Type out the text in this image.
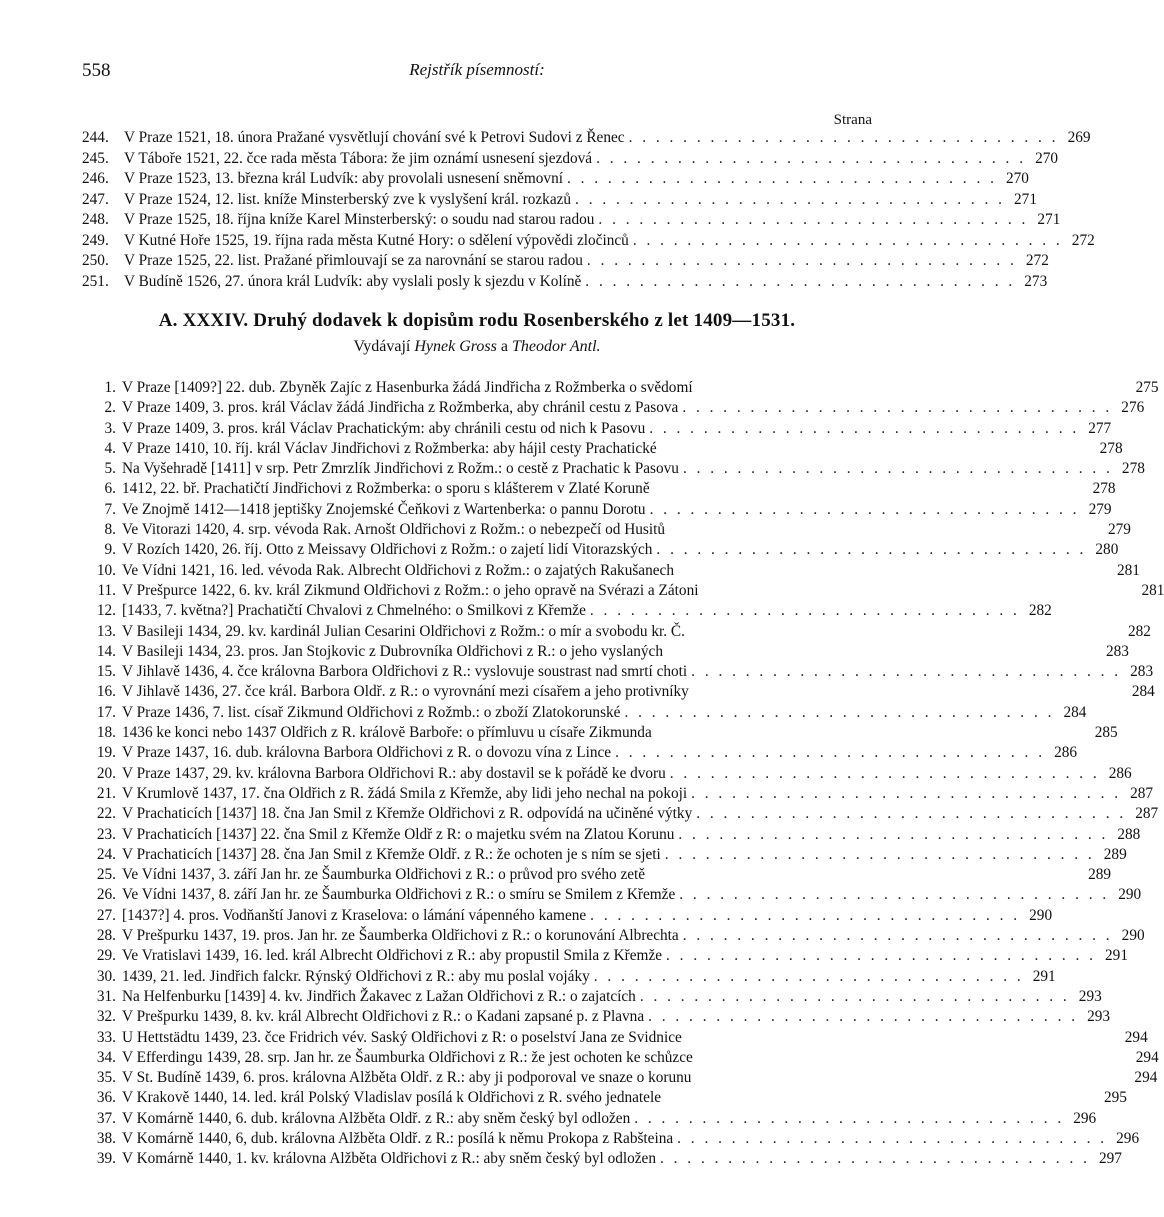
558	Rejstřík písemností:
Strana
244. V Praze 1521, 18. února Pražané vysvětlují chování své k Petrovi Sudovi z Řenec . . .	269
245. V Táboře 1521, 22. čce rada města Tábora: že jim oznámí usnesení sjezdová . . .	270
246. V Praze 1523, 13. března král Ludvík: aby provolali usnesení sněmovní . . .	270
247. V Praze 1524, 12. list. kníže Minsterberský zve k vyslyšení král. rozkazů . . .	271
248. V Praze 1525, 18. října kníže Karel Minsterberský: o soudu nad starou radou . . .	271
249. V Kutné Hoře 1525, 19. října rada města Kutné Hory: o sdělení výpovědi zločinců . . .	272
250. V Praze 1525, 22. list. Pražané přimlouvají se za narovnání se starou radou . . .	272
251. V Budíně 1526, 27. února král Ludvík: aby vyslali posly k sjezdu v Kolíně . . .	273
A. XXXIV. Druhý dodavek k dopisům rodu Rosenberského z let 1409—1531.
Vydávají Hynek Gross a Theodor Antl.
1. V Praze [1409?] 22. dub. Zbyněk Zajíc z Hasenburka žádá Jindřicha z Rožmberka o svědomí	275
2. V Praze 1409, 3. pros. král Václav žádá Jindřicha z Rožmberka, aby chránil cestu z Pasova . . .	276
3. V Praze 1409, 3. pros. král Václav Prachatickým: aby chránili cestu od nich k Pasovu . . .	277
4. V Praze 1410, 10. říj. král Václav Jindřichovi z Rožmberka: aby hájil cesty Prachatické	278
5. Na Vyšehradě [1411] v srp. Petr Zmrzlík Jindřichovi z Rožm.: o cestě z Prachatic k Pasovu . . .	278
6. 1412, 22. bř. Prachatičtí Jindřichovi z Rožmberka: o sporu s klášterem v Zlaté Koruně	278
7. Ve Znojmě 1412—1418 jeptišky Znojemské Čeňkovi z Wartenberka: o pannu Dorotu . . .	279
8. Ve Vitorazi 1420, 4. srp. vévoda Rak. Arnošt Oldřichovi z Rožm.: o nebezpečí od Husitů	279
9. V Rozích 1420, 26. říj. Otto z Meissavy Oldřichovi z Rožm.: o zajetí lidí Vitorazských . . .	280
10. Ve Vídni 1421, 16. led. vévoda Rak. Albrecht Oldřichovi z Rožm.: o zajatých Rakušanech	281
11. V Prešpurce 1422, 6. kv. král Zikmund Oldřichovi z Rožm.: o jeho opravě na Svérazi a Zátoni	281
12. [1433, 7. května?] Prachatičtí Chvalovi z Chmelného: o Smilkovi z Křemže . . .	282
13. V Basileji 1434, 29. kv. kardinál Julian Cesarini Oldřichovi z Rožm.: o mír a svobodu kr. Č.	282
14. V Basileji 1434, 23. pros. Jan Stojkovic z Dubrovníka Oldřichovi z R.: o jeho vyslaných	283
15. V Jihlavě 1436, 4. čce královna Barbora Oldřichovi z R.: vyslovuje soustrast nad smrtí choti . . .	283
16. V Jihlavě 1436, 27. čce král. Barbora Oldř. z R.: o vyrovnání mezi císařem a jeho protivníky	284
17. V Praze 1436, 7. list. císař Zikmund Oldřichovi z Rožmb.: o zboží Zlatokorunské . . .	284
18. 1436 ke konci nebo 1437 Oldřich z R. královĕ Barboře: o přímluvu u císaře Zikmunda	285
19. V Praze 1437, 16. dub. královna Barbora Oldřichovi z R. o dovozu vína z Lince . . .	286
20. V Praze 1437, 29. kv. královna Barbora Oldřichovi R.: aby dostavil se k pořádě ke dvoru . . .	286
21. V Krumlově 1437, 17. čna Oldřich z R. žádá Smila z Křemže, aby lidi jeho nechal na pokoji . . .	287
22. V Prachaticích [1437] 18. čna Jan Smil z Křemže Oldřichovi z R. odpovídá na učiněné výtky . . .	287
23. V Prachaticích [1437] 22. čna Smil z Křemže Oldř z R: o majetku svém na Zlatou Korunu . . .	288
24. V Prachaticích [1437] 28. čna Jan Smil z Křemže Oldř. z R.: že ochoten je s ním se sjeti . . .	289
25. Ve Vídni 1437, 3. září Jan hr. ze Šaumburka Oldřichovi z R.: o průvod pro svého zetě	289
26. Ve Vídni 1437, 8. září Jan hr. ze Šaumburka Oldřichovi z R.: o smíru se Smilem z Křemže . . .	290
27. [1437?] 4. pros. Vodňanští Janovi z Kraselova: o lámání vápenného kamene . . .	290
28. V Prešpurku 1437, 19. pros. Jan hr. ze Šaumberka Oldřichovi z R.: o korunování Albrechta . . .	290
29. Ve Vratislavi 1439, 16. led. král Albrecht Oldřichovi z R.: aby propustil Smila z Křemže . . .	291
30. 1439, 21. led. Jindřich falckr. Rýnský Oldřichovi z R.: aby mu poslal vojáky . . .	291
31. Na Helfenburku [1439] 4. kv. Jindřich Žakavec z Lažan Oldřichovi z R.: o zajatcích . . .	293
32. V Prešpurku 1439, 8. kv. král Albrecht Oldřichovi z R.: o Kadani zapsané p. z Plavna . . .	293
33. U Hettstädtu 1439, 23. čce Fridrich vév. Saský Oldřichovi z R: o poselství Jana ze Svidnice	294
34. V Efferdingu 1439, 28. srp. Jan hr. ze Šaumburka Oldřichovi z R.: že jest ochoten ke schůzce	294
35. V St. Budíně 1439, 6. pros. královna Alžběta Oldř. z R.: aby ji podporoval ve snaze o korunu	294
36. V Krakově 1440, 14. led. král Polský Vladislav posílá k Oldřichovi z R. svého jednatele	295
37. V Komárně 1440, 6. dub. královna Alžběta Oldř. z R.: aby sněm český byl odložen . . .	296
38. V Komárně 1440, 6, dub. královna Alžběta Oldř. z R.: posílá k němu Prokopa z Rabšteina . . .	296
39. V Komárně 1440, 1. kv. královna Alžběta Oldřichovi z R.: aby sněm český byl odložen . . .	297
